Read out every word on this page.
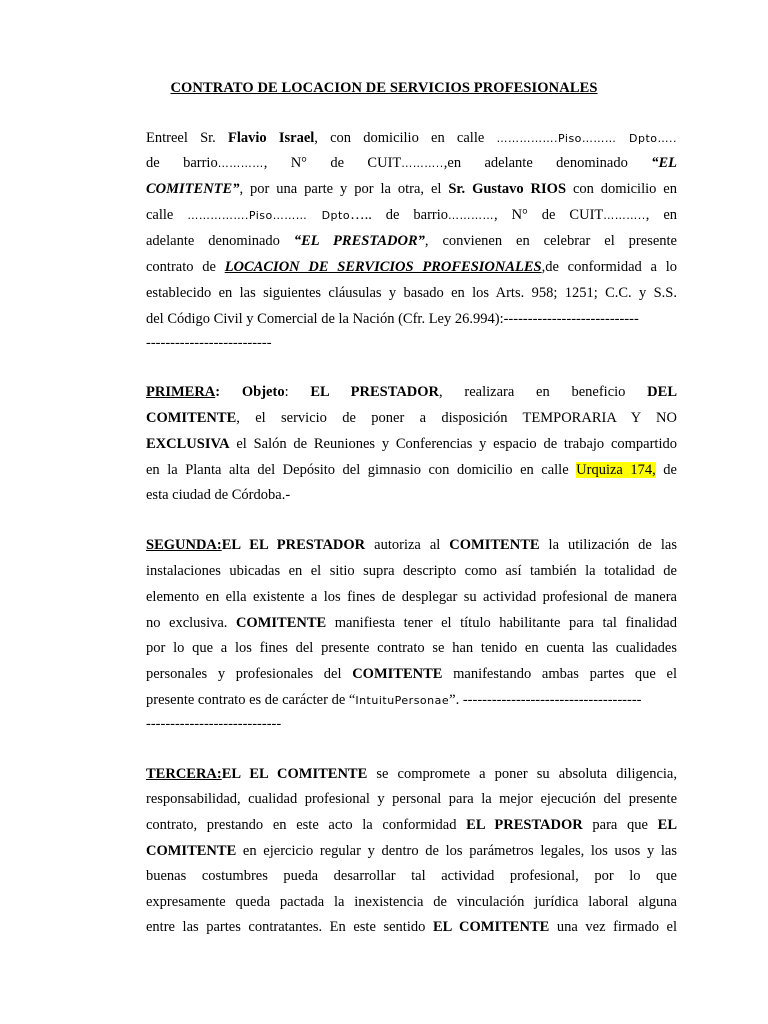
CONTRATO DE LOCACION DE SERVICIOS PROFESIONALES
Entreel Sr. Flavio Israel, con domicilio en calle …………….Piso……… Dpto…..
de barrio…………, N° de CUIT………..,en adelante denominado “EL
COMITENTE”, por una parte y por la otra, el Sr. Gustavo RIOS con domicilio en
calle …………….Piso……… Dpto….. de barrio…………, N° de CUIT……….., en
adelante denominado “EL PRESTADOR”, convienen en celebrar el presente
contrato de LOCACION DE SERVICIOS PROFESIONALES,de conformidad a lo
establecido en las siguientes cláusulas y basado en los Arts. 958; 1251; C.C. y S.S.
del Código Civil y Comercial de la Nación (Cfr. Ley 26.994):----------------------------
--------------------------
PRIMERA: Objeto: EL PRESTADOR, realizara en beneficio DEL
COMITENTE, el servicio de poner a disposición TEMPORARIA Y NO
EXCLUSIVA el Salón de Reuniones y Conferencias y espacio de trabajo compartido
en la Planta alta del Depósito del gimnasio con domicilio en calle Urquiza 174, de
esta ciudad de Córdoba.-
SEGUNDA:EL EL PRESTADOR autoriza al COMITENTE la utilización de las
instalaciones ubicadas en el sitio supra descripto como así también la totalidad de
elemento en ella existente a los fines de desplegar su actividad profesional de manera
no exclusiva. COMITENTE manifiesta tener el título habilitante para tal finalidad
por lo que a los fines del presente contrato se han tenido en cuenta las cualidades
personales y profesionales del COMITENTE manifestando ambas partes que el
presente contrato es de carácter de “IntuituPersonae”. -------------------------------------
----------------------------
TERCERA:EL EL COMITENTE se compromete a poner su absoluta diligencia,
responsabilidad, cualidad profesional y personal para la mejor ejecución del presente
contrato, prestando en este acto la conformidad EL PRESTADOR para que EL
COMITENTE en ejercicio regular y dentro de los parámetros legales, los usos y las
buenas costumbres pueda desarrollar tal actividad profesional, por lo que
expresamente queda pactada la inexistencia de vinculación jurídica laboral alguna
entre las partes contratantes. En este sentido EL COMITENTE una vez firmado el
